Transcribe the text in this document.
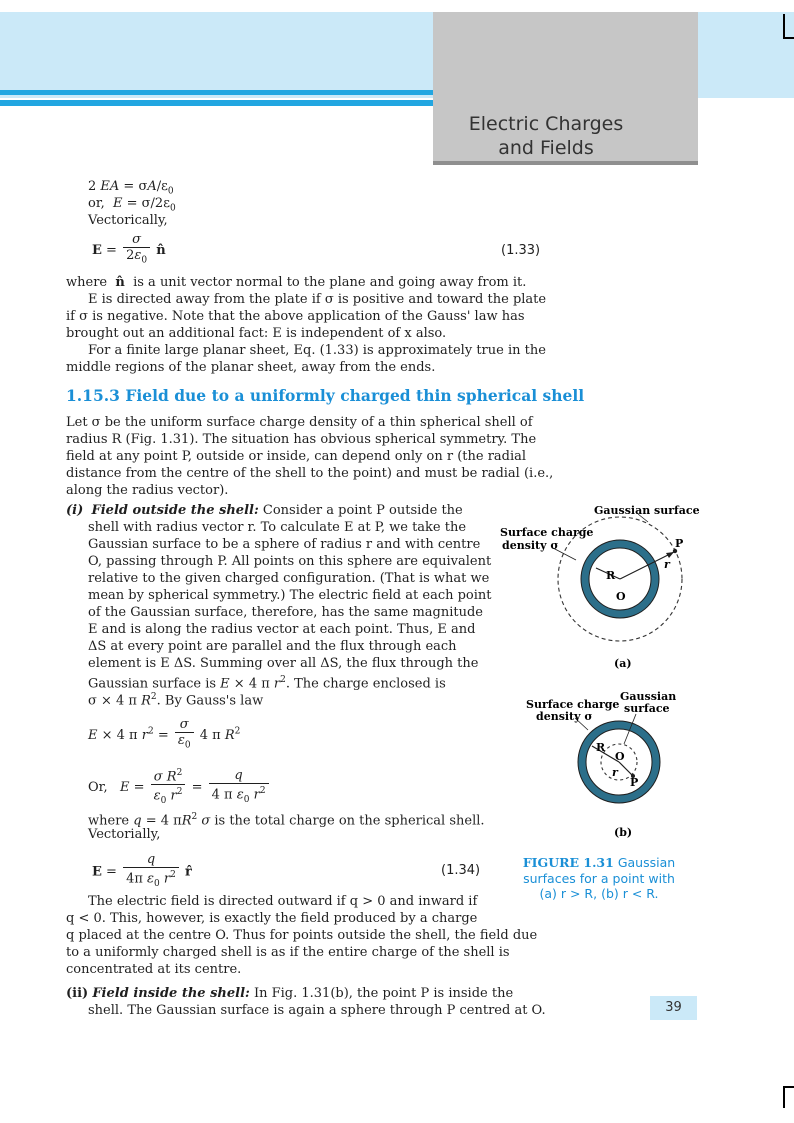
Electric Charges
and Fields
2 EA = $\sigma A/\varepsilon_0$
or,  $E = \sigma/2\varepsilon_0$
Vectorically,
$E = \frac{\sigma}{2\varepsilon_0}$ n̂	(1.33)
where  n̂ is a unit vector normal to the plane and going away from it.
E is directed away from the plate if σ is positive and toward the plate
if σ is negative. Note that the above application of the Gauss' law has
brought out an additional fact: E is independent of x also.
For a finite large planar sheet, Eq. (1.33) is approximately true in the
middle regions of the planar sheet, away from the ends.
1.15.3 Field due to a uniformly charged thin spherical shell
Let σ be the uniform surface charge density of a thin spherical shell of
radius R (Fig. 1.31). The situation has obvious spherical symmetry. The
field at any point P, outside or inside, can depend only on r (the radial
distance from the centre of the shell to the point) and must be radial (i.e.,
along the radius vector).
(i) Field outside the shell: Consider a point P outside the
shell with radius vector r. To calculate E at P, we take the
Gaussian surface to be a sphere of radius r and with centre
O, passing through P. All points on this sphere are equivalent
relative to the given charged configuration. (That is what we
mean by spherical symmetry.) The electric field at each point
of the Gaussian surface, therefore, has the same magnitude
E and is along the radius vector at each point. Thus, E and
ΔS at every point are parallel and the flux through each
element is E ΔS. Summing over all ΔS, the flux through the
Gaussian surface is E × 4 π $r^2$. The charge enclosed is
σ × 4 π $R^2$. By Gauss's law
E × 4 π $r^2 = \frac{\sigma}{\varepsilon_0} 4$ π $R^2$
Or, $E = \frac{\sigma R^2}{\varepsilon_0 r^2} = \frac{q}{4 \pi \varepsilon_0 r^2}$
where q = 4 $\pi R^2$ σ is the total charge on the spherical shell.
Vectorially,
$E = \frac{q}{4\pi \varepsilon_0 r^2}$ r̂	(1.34)
The electric field is directed outward if q > 0 and inward if
q < 0. This, however, is exactly the field produced by a charge
q placed at the centre O. Thus for points outside the shell, the field due
to a uniformly charged shell is as if the entire charge of the shell is
concentrated at its centre.
(ii) Field inside the shell: In Fig. 1.31(b), the point P is inside the
shell. The Gaussian surface is again a sphere through P centred at O.
Gaussian surface
Surface charge
density σ
R
O
P
r
(a)
Surface charge
density σ
Gaussian
surface
R
O
r
P
(b)
FIGURE 1.31 Gaussian
surfaces for a point with
(a) r > R, (b) r < R.
39
